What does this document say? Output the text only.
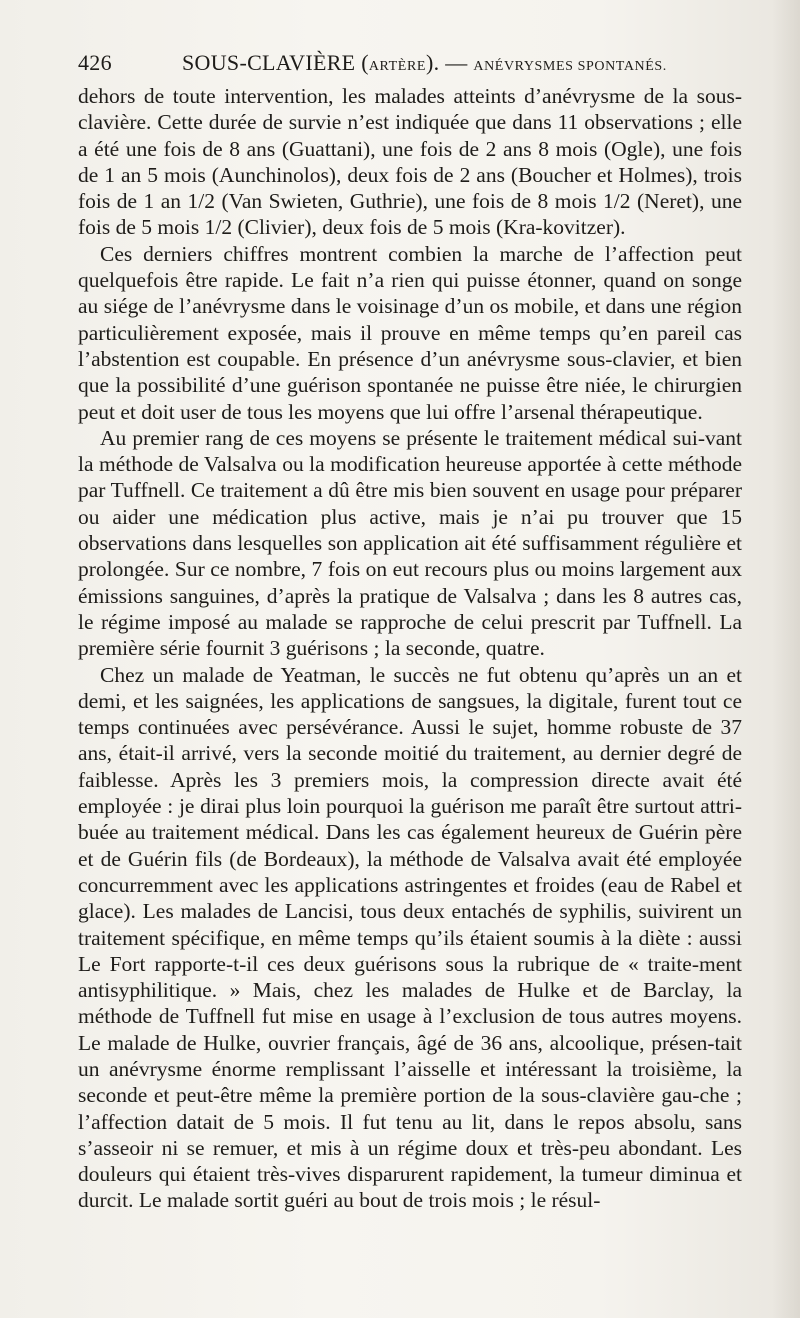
426	SOUS-CLAVIÈRE (ARTÈRE). — ANÉVRYSMES SPONTANÉS.

dehors de toute intervention, les malades atteints d’anévrysme de la sous-clavière. Cette durée de survie n’est indiquée que dans 11 observations ; elle a été une fois de 8 ans (Guattani), une fois de 2 ans 8 mois (Ogle), une fois de 1 an 5 mois (Aunchinolos), deux fois de 2 ans (Boucher et Holmes), trois fois de 1 an 1/2 (Van Swieten, Guthrie), une fois de 8 mois 1/2 (Neret), une fois de 5 mois 1/2 (Clivier), deux fois de 5 mois (Kra-kovitzer).

Ces derniers chiffres montrent combien la marche de l’affection peut quelquefois être rapide. Le fait n’a rien qui puisse étonner, quand on songe au siége de l’anévrysme dans le voisinage d’un os mobile, et dans une région particulièrement exposée, mais il prouve en même temps qu’en pareil cas l’abstention est coupable. En présence d’un anévrysme sous-clavier, et bien que la possibilité d’une guérison spontanée ne puisse être niée, le chirurgien peut et doit user de tous les moyens que lui offre l’arsenal thérapeutique.

Au premier rang de ces moyens se présente le traitement médical sui-vant la méthode de Valsalva ou la modification heureuse apportée à cette méthode par Tuffnell. Ce traitement a dû être mis bien souvent en usage pour préparer ou aider une médication plus active, mais je n’ai pu trouver que 15 observations dans lesquelles son application ait été suffisamment régulière et prolongée. Sur ce nombre, 7 fois on eut recours plus ou moins largement aux émissions sanguines, d’après la pratique de Valsalva ; dans les 8 autres cas, le régime imposé au malade se rapproche de celui prescrit par Tuffnell. La première série fournit 3 guérisons ; la seconde, quatre.

Chez un malade de Yeatman, le succès ne fut obtenu qu’après un an et demi, et les saignées, les applications de sangsues, la digitale, furent tout ce temps continuées avec persévérance. Aussi le sujet, homme robuste de 37 ans, était-il arrivé, vers la seconde moitié du traitement, au dernier degré de faiblesse. Après les 3 premiers mois, la compression directe avait été employée : je dirai plus loin pourquoi la guérison me paraît être surtout attri-buée au traitement médical. Dans les cas également heureux de Guérin père et de Guérin fils (de Bordeaux), la méthode de Valsalva avait été employée concurremment avec les applications astringentes et froides (eau de Rabel et glace). Les malades de Lancisi, tous deux entachés de syphilis, suivirent un traitement spécifique, en même temps qu’ils étaient soumis à la diète : aussi Le Fort rapporte-t-il ces deux guérisons sous la rubrique de « traite-ment antisyphilitique. » Mais, chez les malades de Hulke et de Barclay, la méthode de Tuffnell fut mise en usage à l’exclusion de tous autres moyens. Le malade de Hulke, ouvrier français, âgé de 36 ans, alcoolique, présen-tait un anévrysme énorme remplissant l’aisselle et intéressant la troisième, la seconde et peut-être même la première portion de la sous-clavière gau-che ; l’affection datait de 5 mois. Il fut tenu au lit, dans le repos absolu, sans s’asseoir ni se remuer, et mis à un régime doux et très-peu abondant. Les douleurs qui étaient très-vives disparurent rapidement, la tumeur diminua et durcit. Le malade sortit guéri au bout de trois mois ; le résul-
